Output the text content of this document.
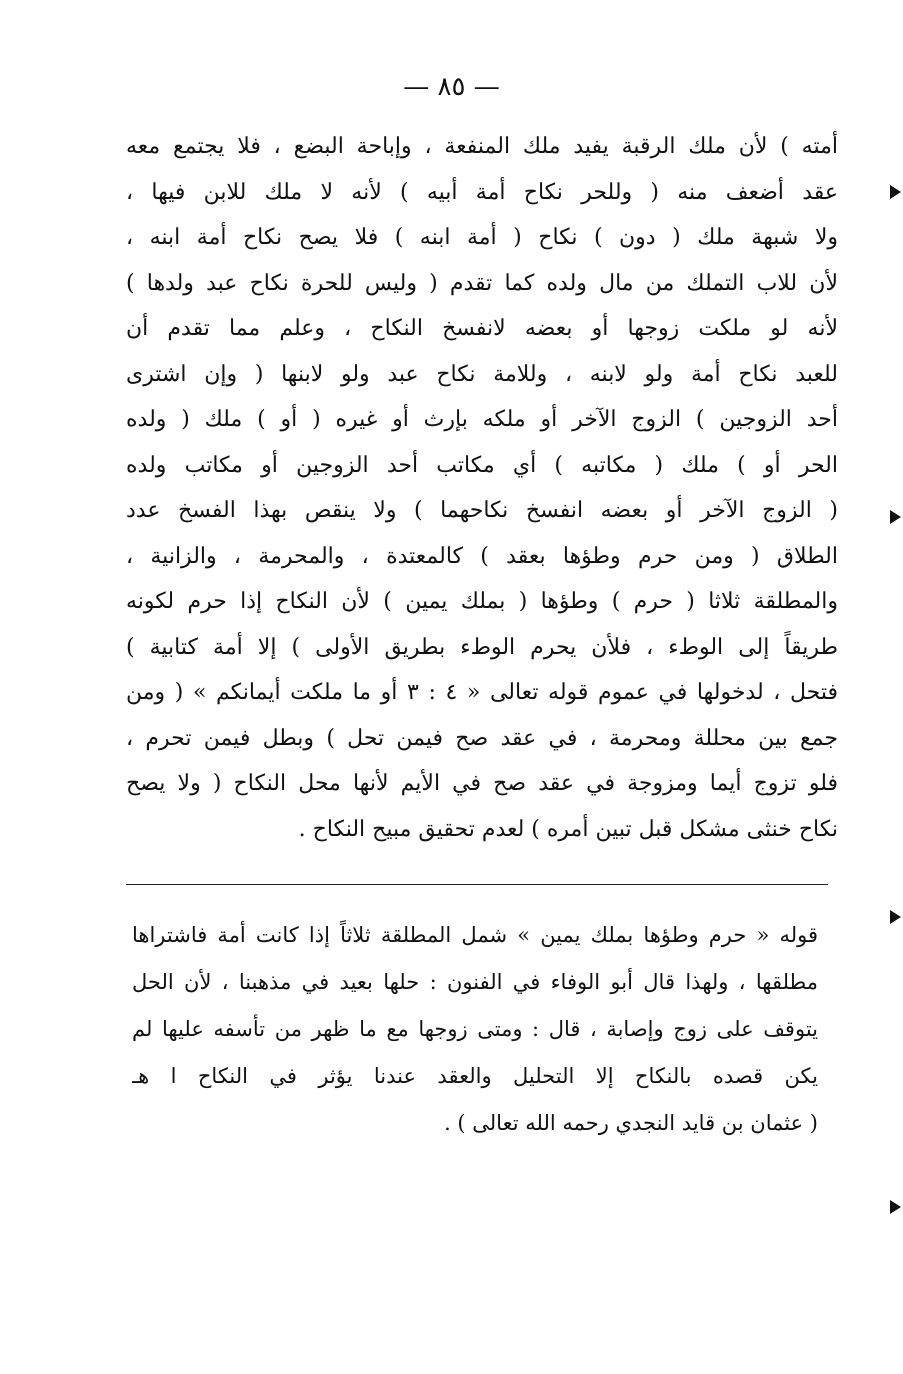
— ٨٥ —
أمته ) لأن ملك الرقبة يفيد ملك المنفعة ، وإباحة البضع ، فلا يجتمع معه
عقد أضعف منه ( وللحر نكاح أمة أبيه ) لأنه لا ملك للابن فيها ،
ولا شبهة ملك ( دون ) نكاح ( أمة ابنه ) فلا يصح نكاح أمة ابنه ،
لأن للاب التملك من مال ولده كما تقدم ( وليس للحرة نكاح عبد ولدها )
لأنه لو ملكت زوجها أو بعضه لانفسخ النكاح ، وعلم مما تقدم أن
للعبد نكاح أمة ولو لابنه ، وللامة نكاح عبد ولو لابنها ( وإن اشترى
أحد الزوجين ) الزوج الآخر أو ملكه بإرث أو غيره ( أو ) ملك ( ولده
الحر أو ) ملك ( مكاتبه ) أي مكاتب أحد الزوجين أو مكاتب ولده
( الزوج الآخر أو بعضه انفسخ نكاحهما ) ولا ينقص بهذا الفسخ عدد
الطلاق ( ومن حرم وطؤها بعقد ) كالمعتدة ، والمحرمة ، والزانية ،
والمطلقة ثلاثا ( حرم ) وطؤها ( بملك يمين ) لأن النكاح إذا حرم لكونه
طريقاً إلى الوطء ، فلأن يحرم الوطء بطريق الأولى ) إلا أمة كتابية )
فتحل ، لدخولها في عموم قوله تعالى « ٤ : ٣ أو ما ملكت أيمانكم » ( ومن
جمع بين محللة ومحرمة ، في عقد صح فيمن تحل ) وبطل فيمن تحرم ،
فلو تزوج أيما ومزوجة في عقد صح في الأيم لأنها محل النكاح ( ولا يصح
نكاح خنثى مشكل قبل تبين أمره ) لعدم تحقيق مبيح النكاح .
قوله « حرم وطؤها بملك يمين » شمل المطلقة ثلاثاً إذا كانت أمة فاشتراها
مطلقها ، ولهذا قال أبو الوفاء في الفنون : حلها بعيد في مذهبنا ، لأن الحل
يتوقف على زوج وإصابة ، قال : ومتى زوجها مع ما ظهر من تأسفه عليها لم
يكن قصده بالنكاح إلا التحليل والعقد عندنا يؤثر في النكاح ا هـ
( عثمان بن قايد النجدي رحمه الله تعالى ) .
